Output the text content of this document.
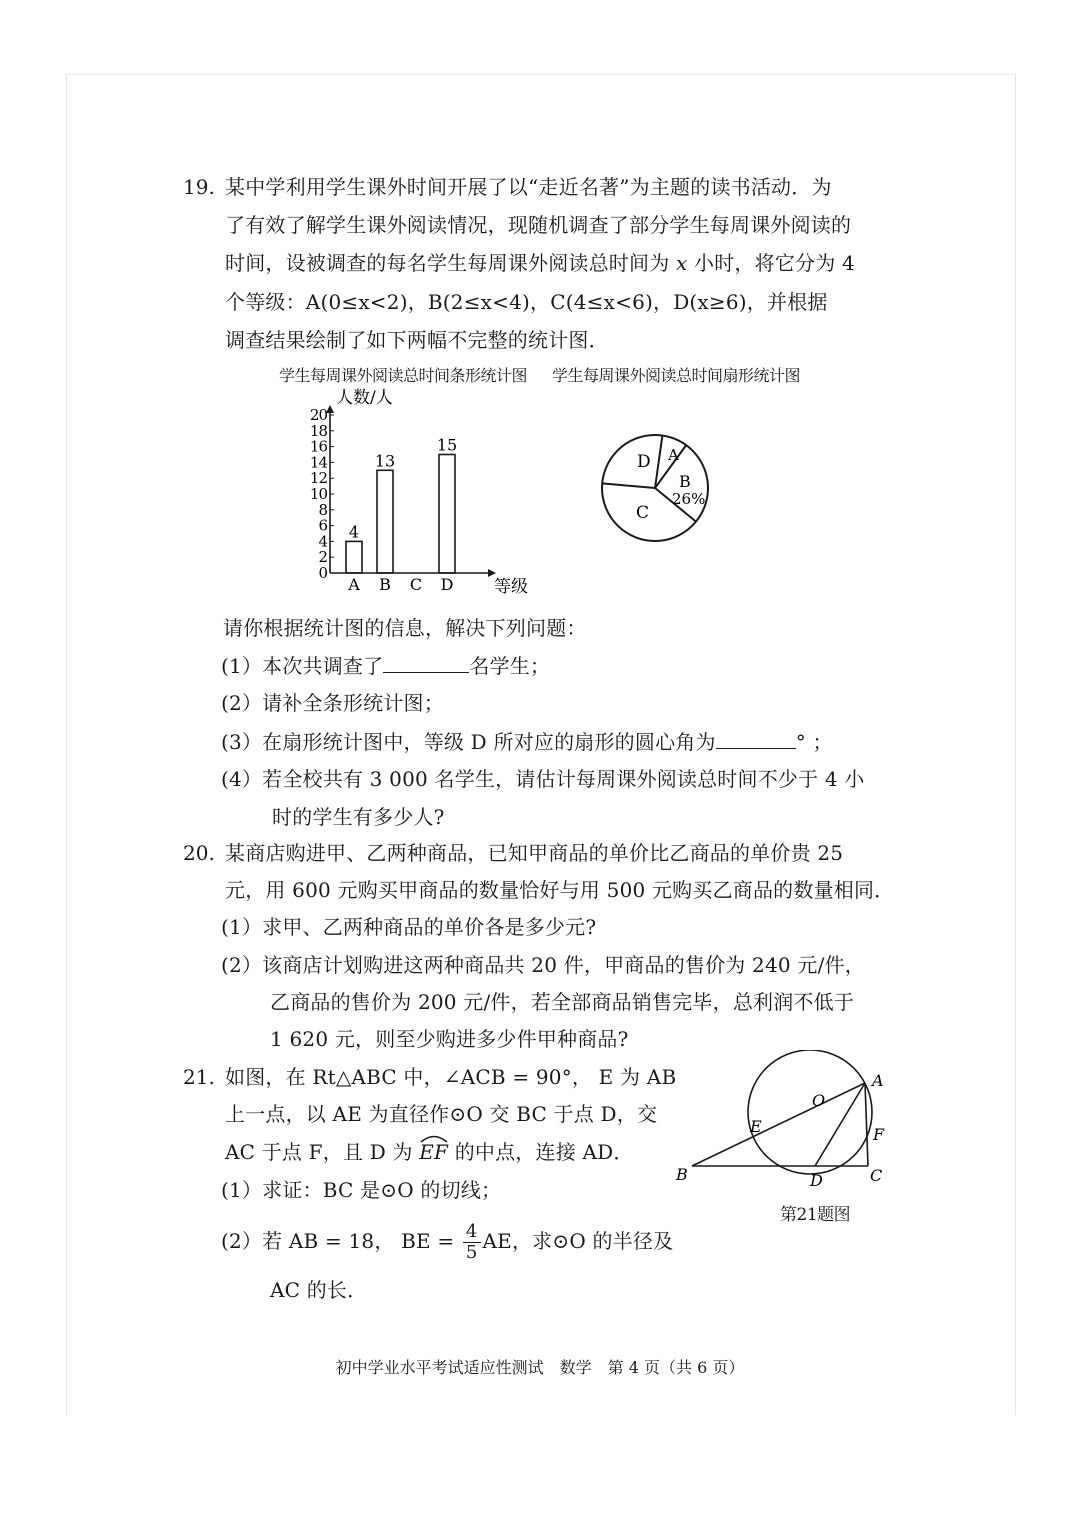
19. 某中学利用学生课外时间开展了以“走近名著”为主题的读书活动．为
了有效了解学生课外阅读情况，现随机调查了部分学生每周课外阅读的
时间，设被调查的每名学生每周课外阅读总时间为 x 小时，将它分为 4
个等级：A(0≤x<2)，B(2≤x<4)，C(4≤x<6)，D(x≥6)，并根据
调查结果绘制了如下两幅不完整的统计图．
学生每周课外阅读总时间条形统计图 学生每周课外阅读总时间扇形统计图
0
2
4
6
8
10
12
14
16
18
20
人数/人
等级
A
4
B
13
C D
15
D A
B
26%
C
请你根据统计图的信息，解决下列问题：
(1）本次共调查了	名学生；
(2）请补全条形统计图；
(3）在扇形统计图中，等级 D 所对应的扇形的圆心角为	° ；
(4）若全校共有 3 000 名学生，请估计每周课外阅读总时间不少于 4 小
时的学生有多少人?
20. 某商店购进甲、乙两种商品，已知甲商品的单价比乙商品的单价贵 25
元，用 600 元购买甲商品的数量恰好与用 500 元购买乙商品的数量相同．
(1）求甲、乙两种商品的单价各是多少元?
(2）该商店计划购进这两种商品共 20 件，甲商品的售价为 240 元/件，
乙商品的售价为 200 元/件，若全部商品销售完毕，总利润不低于
1 620 元，则至少购进多少件甲种商品?
21. 如图，在 Rt△ABC 中，∠ACB = 90°， E 为 AB
上一点，以 AE 为直径作⊙O 交 BC 于点 D，交
AC 于点 F，且 D 为
EF 的中点，连接 AD．
(1）求证：BC 是⊙O 的切线；
(2）若 AB = 18， BE = $\frac{4}{5}$ AE，求⊙O 的半径及
AC 的长．
A
B	C
D
E	F
O
第21题图
初中学业水平考试适应性测试　数学　第 4 页（共 6 页）
